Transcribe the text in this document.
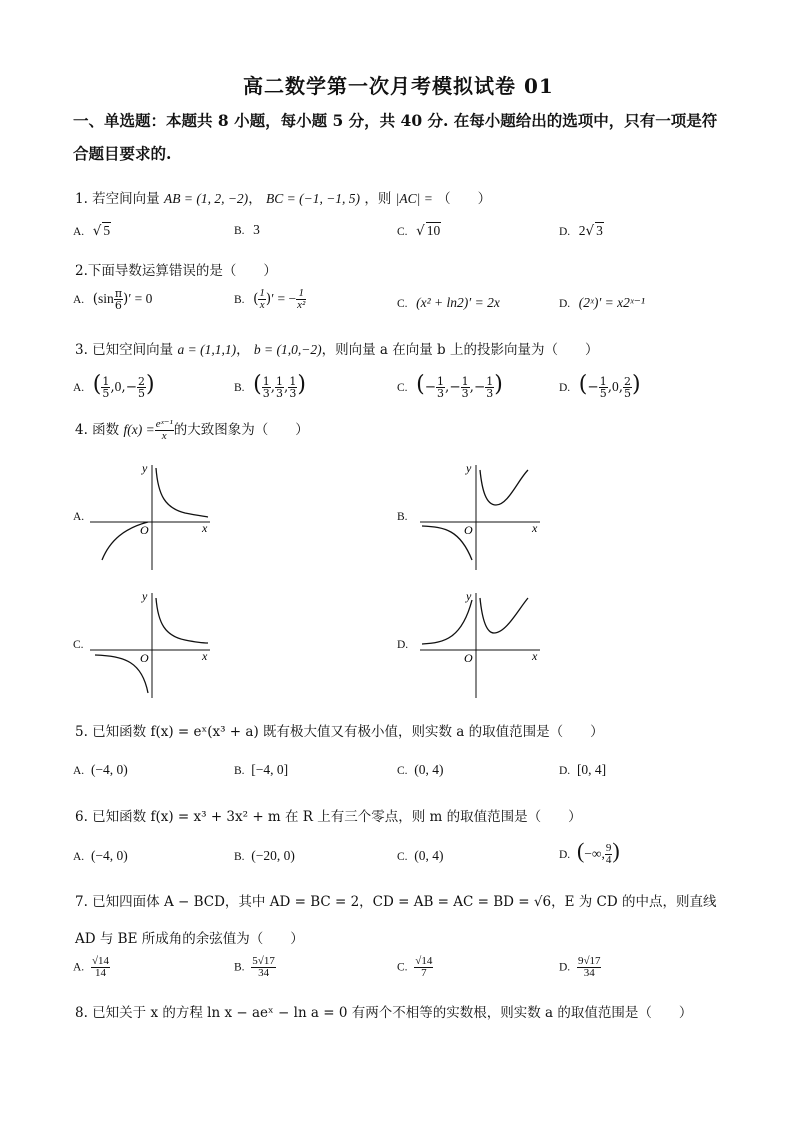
高二数学第一次月考模拟试卷 01
一、单选题：本题共 8 小题，每小题 5 分，共 40 分. 在每小题给出的选项中，只有一项是符
合题目要求的.
1. 若空间向量 AB = (1, 2, −2)， BC = (−1, −1, 5) ，则 |AC| = （　　）
A.  √ 5	B. 3	C.  √ 10	D. 2√ 3
2.下面导数运算错误的是（　　）
A.  ($\sin \frac{\pi}{6}$ )′ = 0	B.  ( $\frac{1}{x}$ )′ = − $\frac{1}{\text{x²}}$	C. (x² + ln2)′ = 2x	D. (2ˣ)′ = x2ˣ⁻¹
3. 已知空间向量 a = (1,1,1)， b = (1,0,−2)，则向量 a 在向量 b 上的投影向量为（　　）
A. ( $\frac{1}{5} ,0,- \frac{2}{5}$ )	B. ( $\frac{1}{3}$ , $\frac{1}{3}$ , $\frac{1}{3}$ )	C. (− $\frac{1}{3}$ ,− $\frac{1}{3}$ ,− $\frac{1}{3}$ )	D. (− $\frac{1}{5} ,0$, $\frac{2}{5}$ )
4. 函数 $f(x) = \frac{\text{eˣ⁻¹}}{x}$ 的大致图象为（　　）
A.	B.
C.	D.
y
x
O
y
x
O
y
x
O
y
x
O
5. 已知函数 f(x) = eˣ(x³ + a) 既有极大值又有极小值，则实数 a 的取值范围是（　　）
A. (−4, 0)	B. [−4, 0]	C. (0, 4)	D. [0, 4]
6. 已知函数 f(x) = x³ + 3x² + m 在 R 上有三个零点，则 m 的取值范围是（　　）
A. (−4, 0)	B. (−20, 0)	C. (0, 4)	D. (−∞, $\frac{9}{4}$ )
7. 已知四面体 A − BCD，其中 AD = BC = 2，CD = AB = AC = BD = √6，E 为 CD 的中点，则直线
AD 与 BE 所成角的余弦值为（　　）
A. $\frac{√14}{14}$	B. $\frac{5√17}{34}$	C. $\frac{√14}{7}$	D. $\frac{9√17}{34}$
8. 已知关于 x 的方程 ln x − aeˣ − ln a = 0 有两个不相等的实数根，则实数 a 的取值范围是（　　）
